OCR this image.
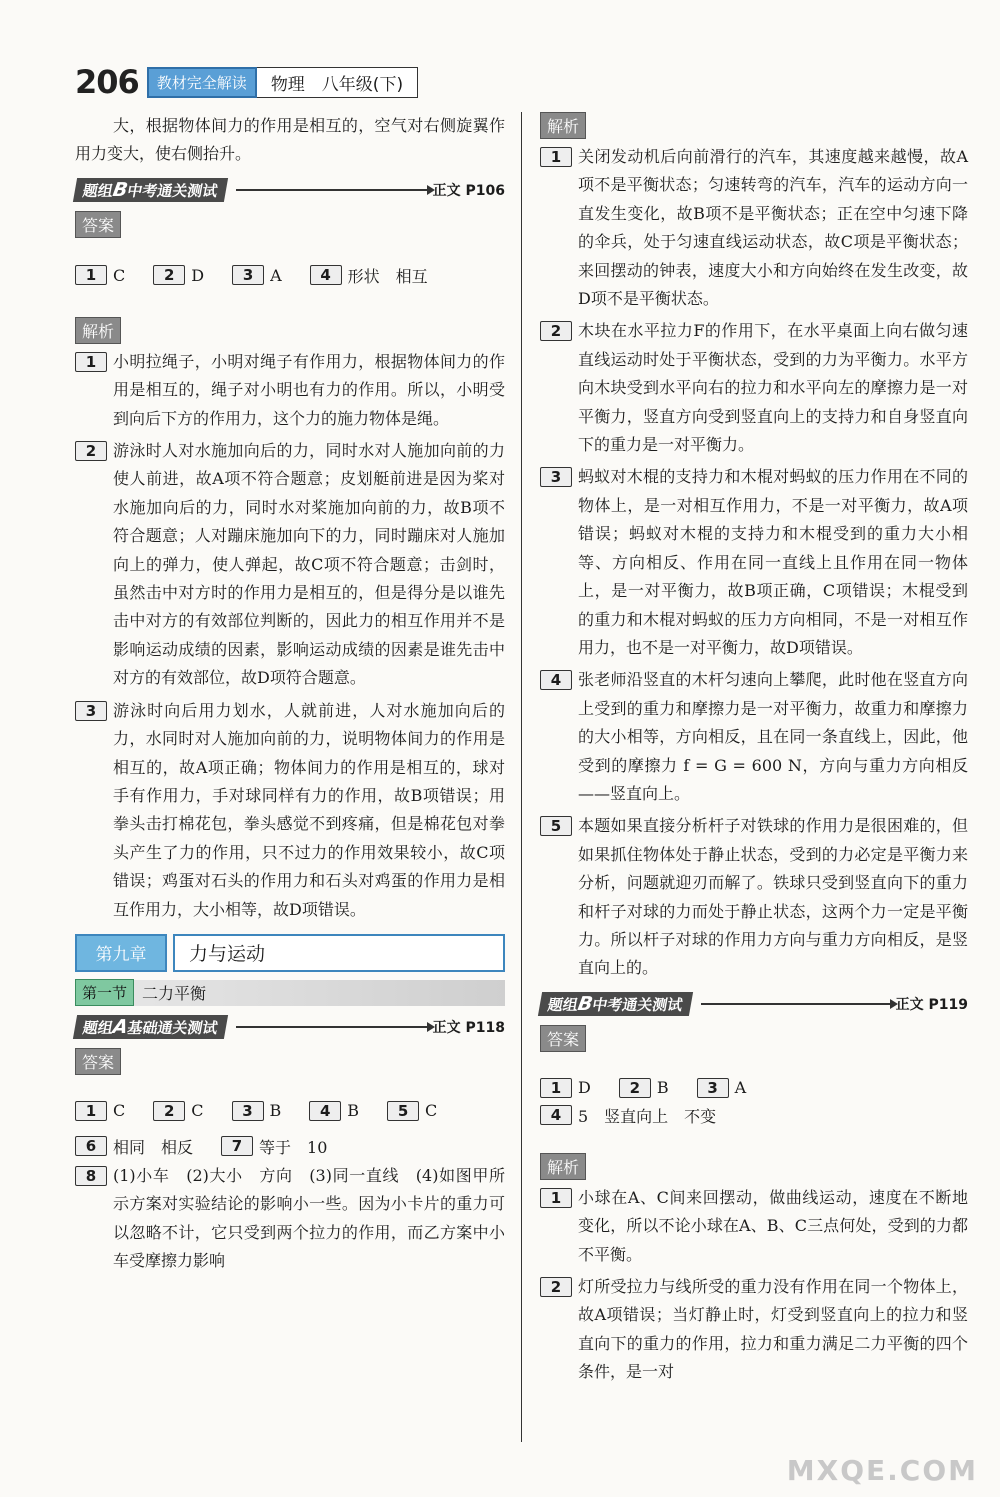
206	教材完全解读	物理　八年级(下)

大，根据物体间力的作用是相互的，空气对右侧旋翼作用力变大，使右侧抬升。

题组B中考通关测试	正文 P106
答案
1	C	2	D	3	A	4	形状　相互
解析
1	小明拉绳子，小明对绳子有作用力，根据物体间力的作用是相互的，绳子对小明也有力的作用。所以，小明受到向后下方的作用力，这个力的施力物体是绳。

2	游泳时人对水施加向后的力，同时水对人施加向前的力使人前进，故A项不符合题意；皮划艇前进是因为桨对水施加向后的力，同时水对桨施加向前的力，故B项不符合题意；人对蹦床施加向下的力，同时蹦床对人施加向上的弹力，使人弹起，故C项不符合题意；击剑时，虽然击中对方时的作用力是相互的，但是得分是以谁先击中对方的有效部位判断的，因此力的相互作用并不是影响运动成绩的因素，影响运动成绩的因素是谁先击中对方的有效部位，故D项符合题意。

3	游泳时向后用力划水，人就前进，人对水施加向后的力，水同时对人施加向前的力，说明物体间力的作用是相互的，故A项正确；物体间力的作用是相互的，球对手有作用力，手对球同样有力的作用，故B项错误；用拳头击打棉花包，拳头感觉不到疼痛，但是棉花包对拳头产生了力的作用，只不过力的作用效果较小，故C项错误；鸡蛋对石头的作用力和石头对鸡蛋的作用力是相互作用力，大小相等，故D项错误。

第九章	力与运动
第一节 二力平衡
题组A基础通关测试	正文 P118
答案
1	C	2	C	3	B	4	B	5	C
6	相同　相反	7	等于　10
8	(1)小车　(2)大小　方向　(3)同一直线　(4)如图甲所示方案对实验结论的影响小一些。因为小卡片的重力可以忽略不计，它只受到两个拉力的作用，而乙方案中小车受摩擦力影响

解析
1	关闭发动机后向前滑行的汽车，其速度越来越慢，故A项不是平衡状态；匀速转弯的汽车，汽车的运动方向一直发生变化，故B项不是平衡状态；正在空中匀速下降的伞兵，处于匀速直线运动状态，故C项是平衡状态；来回摆动的钟表，速度大小和方向始终在发生改变，故D项不是平衡状态。

2	木块在水平拉力F的作用下，在水平桌面上向右做匀速直线运动时处于平衡状态，受到的力为平衡力。水平方向木块受到水平向右的拉力和水平向左的摩擦力是一对平衡力，竖直方向受到竖直向上的支持力和自身竖直向下的重力是一对平衡力。

3	蚂蚁对木棍的支持力和木棍对蚂蚁的压力作用在不同的物体上，是一对相互作用力，不是一对平衡力，故A项错误；蚂蚁对木棍的支持力和木棍受到的重力大小相等、方向相反、作用在同一直线上且作用在同一物体上，是一对平衡力，故B项正确，C项错误；木棍受到的重力和木棍对蚂蚁的压力方向相同，不是一对相互作用力，也不是一对平衡力，故D项错误。

4	张老师沿竖直的木杆匀速向上攀爬，此时他在竖直方向上受到的重力和摩擦力是一对平衡力，故重力和摩擦力的大小相等，方向相反，且在同一条直线上，因此，他受到的摩擦力 f = G = 600 N，方向与重力方向相反——竖直向上。

5	本题如果直接分析杆子对铁球的作用力是很困难的，但如果抓住物体处于静止状态，受到的力必定是平衡力来分析，问题就迎刃而解了。铁球只受到竖直向下的重力和杆子对球的力而处于静止状态，这两个力一定是平衡力。所以杆子对球的作用力方向与重力方向相反，是竖直向上的。

题组B中考通关测试	正文 P119
答案
1	D	2	B	3	A
4	5　竖直向上　不变
解析
1	小球在A、C间来回摆动，做曲线运动，速度在不断地变化，所以不论小球在A、B、C三点何处，受到的力都不平衡。

2	灯所受拉力与线所受的重力没有作用在同一个物体上，故A项错误；当灯静止时，灯受到竖直向上的拉力和竖直向下的重力的作用，拉力和重力满足二力平衡的四个条件，是一对

MXQE.COM
